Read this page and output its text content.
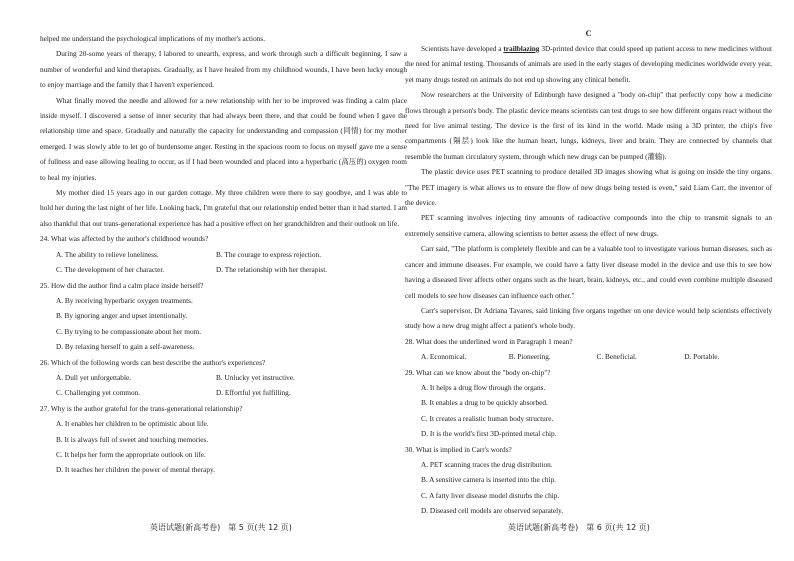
helped me understand the psychological implications of my mother's actions.

During 20-some years of therapy, I labored to unearth, express, and work through such a difficult beginning. I saw a number of wonderful and kind therapists. Gradually, as I have healed from my childhood wounds, I have been lucky enough to enjoy marriage and the family that I haven't experienced.

What finally moved the needle and allowed for a new relationship with her to be improved was finding a calm place inside myself. I discovered a sense of inner security that had always been there, and that could be found when I gave the relationship time and space. Gradually and naturally the capacity for understanding and compassion (同情) for my mother emerged. I was slowly able to let go of burdensome anger. Resting in the spacious room to focus on myself gave me a sense of fullness and ease allowing healing to occur, as if I had been wounded and placed into a hyperbaric (高压的) oxygen room to heal my injuries.

My mother died 15 years ago in our garden cottage. My three children were there to say goodbye, and I was able to hold her during the last night of her life. Looking back, I'm grateful that our relationship ended better than it had started. I am also thankful that our trans-generational experience has had a positive effect on her grandchildren and their outlook on life.

24. What was affected by the author's childhood wounds?

A. The ability to relieve loneliness.	B. The courage to express rejection.
C. The development of her character.	D. The relationship with her therapist.

25. How did the author find a calm place inside herself?

A. By receiving hyperbaric oxygen treatments.
B. By ignoring anger and upset intentionally.
C. By trying to be compassionate about her mom.
D. By relaxing herself to gain a self-awareness.

26. Which of the following words can best describe the author's experiences?

A. Dull yet unforgettable.	B. Unlucky yet instructive.
C. Challenging yet common.	D. Effortful yet fulfilling.

27. Why is the author grateful for the trans-generational relationship?

A. It enables her children to be optimistic about life.
B. It is always full of sweet and touching memories.
C. It helps her form the appropriate outlook on life.
D. It teaches her children the power of mental therapy.
C

Scientists have developed a trailblazing 3D-printed device that could speed up patient access to new medicines without the need for animal testing. Thousands of animals are used in the early stages of developing medicines worldwide every year, yet many drugs tested on animals do not end up showing any clinical benefit.

Now researchers at the University of Edinburgh have designed a "body on-chip" that perfectly copy how a medicine flows through a person's body. The plastic device means scientists can test drugs to see how different organs react without the need for live animal testing. The device is the first of its kind in the world. Made using a 3D printer, the chip's five compartments (隔层) look like the human heart, lungs, kidneys, liver and brain. They are connected by channels that resemble the human circulatory system, through which new drugs can be pumped (灌输).

The plastic device uses PET scanning to produce detailed 3D images showing what is going on inside the tiny organs. "The PET imagery is what allows us to ensure the flow of new drugs being tested is even," said Liam Carr, the inventor of the device.

PET scanning involves injecting tiny amounts of radioactive compounds into the chip to transmit signals to an extremely sensitive camera, allowing scientists to better assess the effect of new drugs.

Carr said, "The platform is completely flexible and can be a valuable tool to investigate various human diseases, such as cancer and immune diseases. For example, we could have a fatty liver disease model in the device and use this to see how having a diseased liver affects other organs such as the heart, brain, kidneys, etc., and could even combine multiple diseased cell models to see how diseases can influence each other."

Carr's supervisor, Dr Adriana Tavares, said linking five organs together on one device would help scientists effectively study how a new drug might affect a patient's whole body.

28. What does the underlined word in Paragraph 1 mean?

A. Economical.	B. Pioneering.	C. Beneficial.	D. Portable.

29. What can we know about the "body on-chip"?

A. It helps a drug flow through the organs.
B. It enables a drug to be quickly absorbed.
C. It creates a realistic human body structure.
D. It is the world's first 3D-printed metal chip.

30. What is implied in Carr's words?

A. PET scanning traces the drug distribution.
B. A sensitive camera is inserted into the chip.
C. A fatty liver disease model disturbs the chip.
D. Diseased cell models are observed separately.
英语试题(新高考卷)　第 5 页(共 12 页)	英语试题(新高考卷)　第 6 页(共 12 页)
